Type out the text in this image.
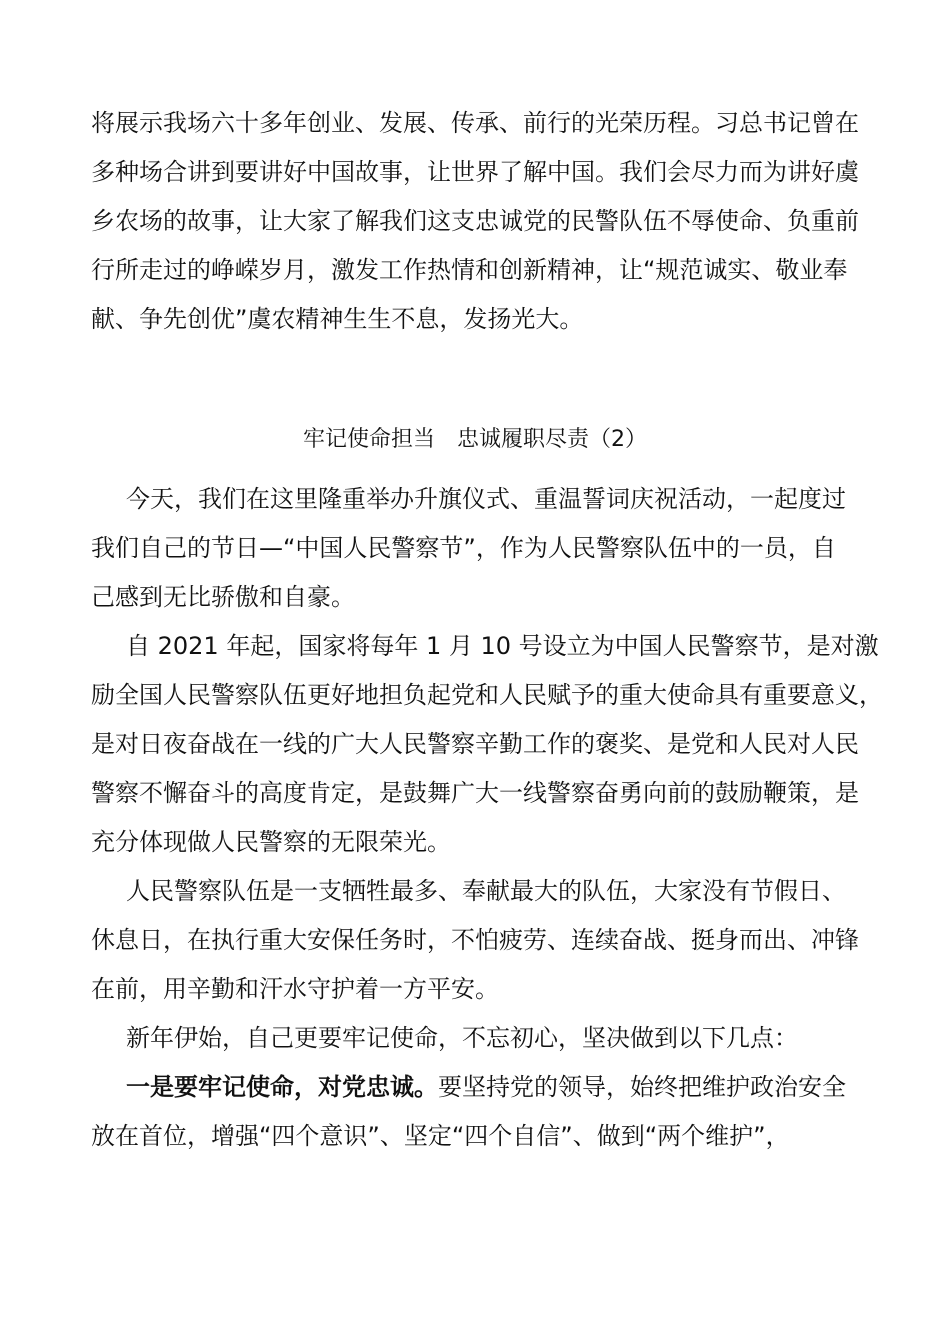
将展示我场六十多年创业、发展、传承、前行的光荣历程。习总书记曾在
多种场合讲到要讲好中国故事，让世界了解中国。我们会尽力而为讲好虞
乡农场的故事，让大家了解我们这支忠诚党的民警队伍不辱使命、负重前
行所走过的峥嵘岁月，激发工作热情和创新精神，让“规范诚实、敬业奉
献、争先创优”虞农精神生生不息，发扬光大。
牢记使命担当　忠诚履职尽责（2）
今天，我们在这里隆重举办升旗仪式、重温誓词庆祝活动，一起度过
我们自己的节日—“中国人民警察节”，作为人民警察队伍中的一员，自
己感到无比骄傲和自豪。
自 2021 年起，国家将每年 1 月 10 号设立为中国人民警察节，是对激
励全国人民警察队伍更好地担负起党和人民赋予的重大使命具有重要意义，
是对日夜奋战在一线的广大人民警察辛勤工作的褒奖、是党和人民对人民
警察不懈奋斗的高度肯定，是鼓舞广大一线警察奋勇向前的鼓励鞭策，是
充分体现做人民警察的无限荣光。
人民警察队伍是一支牺牲最多、奉献最大的队伍，大家没有节假日、
休息日，在执行重大安保任务时，不怕疲劳、连续奋战、挺身而出、冲锋
在前，用辛勤和汗水守护着一方平安。
新年伊始，自己更要牢记使命，不忘初心，坚决做到以下几点：
一是要牢记使命，对党忠诚。要坚持党的领导，始终把维护政治安全
放在首位，增强“四个意识”、坚定“四个自信”、做到“两个维护”，
